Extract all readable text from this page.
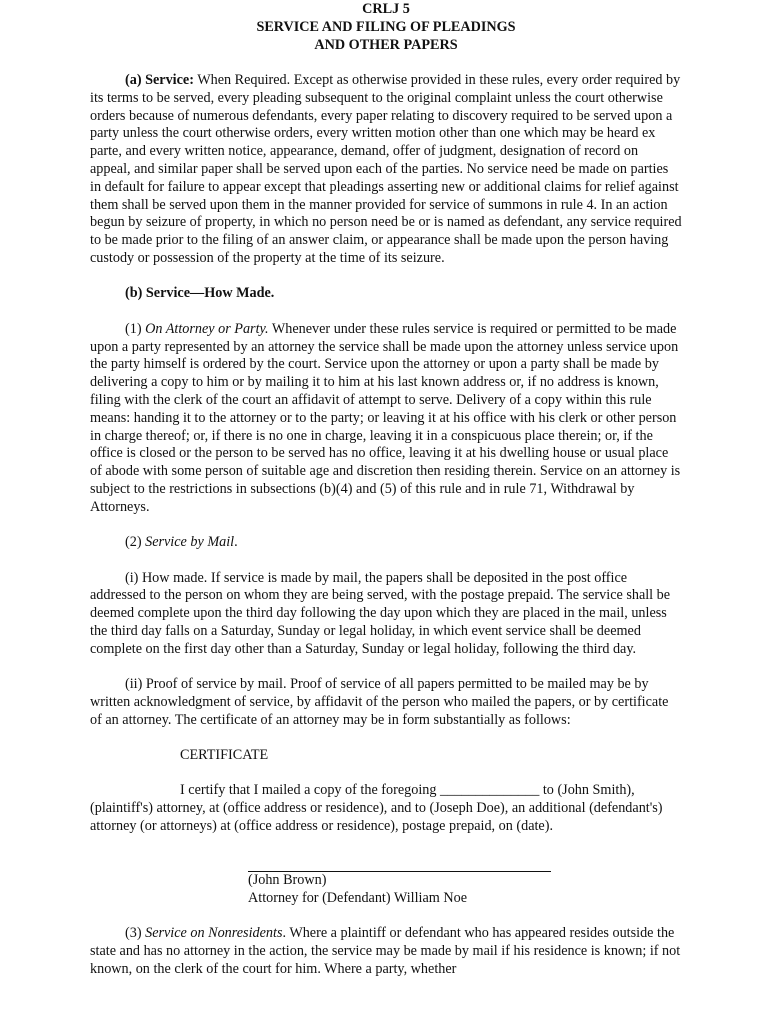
CRLJ 5
SERVICE AND FILING OF PLEADINGS
AND OTHER PAPERS

(a) Service: When Required. Except as otherwise provided in these rules, every order required by its terms to be served, every pleading subsequent to the original complaint unless the court otherwise orders because of numerous defendants, every paper relating to discovery required to be served upon a party unless the court otherwise orders, every written motion other than one which may be heard ex parte, and every written notice, appearance, demand, offer of judgment, designation of record on appeal, and similar paper shall be served upon each of the parties. No service need be made on parties in default for failure to appear except that pleadings asserting new or additional claims for relief against them shall be served upon them in the manner provided for service of summons in rule 4. In an action begun by seizure of property, in which no person need be or is named as defendant, any service required to be made prior to the filing of an answer claim, or appearance shall be made upon the person having custody or possession of the property at the time of its seizure.

(b) Service—How Made.

(1) On Attorney or Party. Whenever under these rules service is required or permitted to be made upon a party represented by an attorney the service shall be made upon the attorney unless service upon the party himself is ordered by the court. Service upon the attorney or upon a party shall be made by delivering a copy to him or by mailing it to him at his last known address or, if no address is known, filing with the clerk of the court an affidavit of attempt to serve. Delivery of a copy within this rule means: handing it to the attorney or to the party; or leaving it at his office with his clerk or other person in charge thereof; or, if there is no one in charge, leaving it in a conspicuous place therein; or, if the office is closed or the person to be served has no office, leaving it at his dwelling house or usual place of abode with some person of suitable age and discretion then residing therein. Service on an attorney is subject to the restrictions in subsections (b)(4) and (5) of this rule and in rule 71, Withdrawal by Attorneys.

(2) Service by Mail.

(i) How made. If service is made by mail, the papers shall be deposited in the post office addressed to the person on whom they are being served, with the postage prepaid. The service shall be deemed complete upon the third day following the day upon which they are placed in the mail, unless the third day falls on a Saturday, Sunday or legal holiday, in which event service shall be deemed complete on the first day other than a Saturday, Sunday or legal holiday, following the third day.

(ii) Proof of service by mail. Proof of service of all papers permitted to be mailed may be by written acknowledgment of service, by affidavit of the person who mailed the papers, or by certificate of an attorney. The certificate of an attorney may be in form substantially as follows:

CERTIFICATE

I certify that I mailed a copy of the foregoing ______________ to (John Smith), (plaintiff's) attorney, at (office address or residence), and to (Joseph Doe), an additional (defendant's) attorney (or attorneys) at (office address or residence), postage prepaid, on (date).

(John Brown)

Attorney for (Defendant) William Noe

(3) Service on Nonresidents. Where a plaintiff or defendant who has appeared resides outside the state and has no attorney in the action, the service may be made by mail if his residence is known; if not known, on the clerk of the court for him. Where a party, whether
